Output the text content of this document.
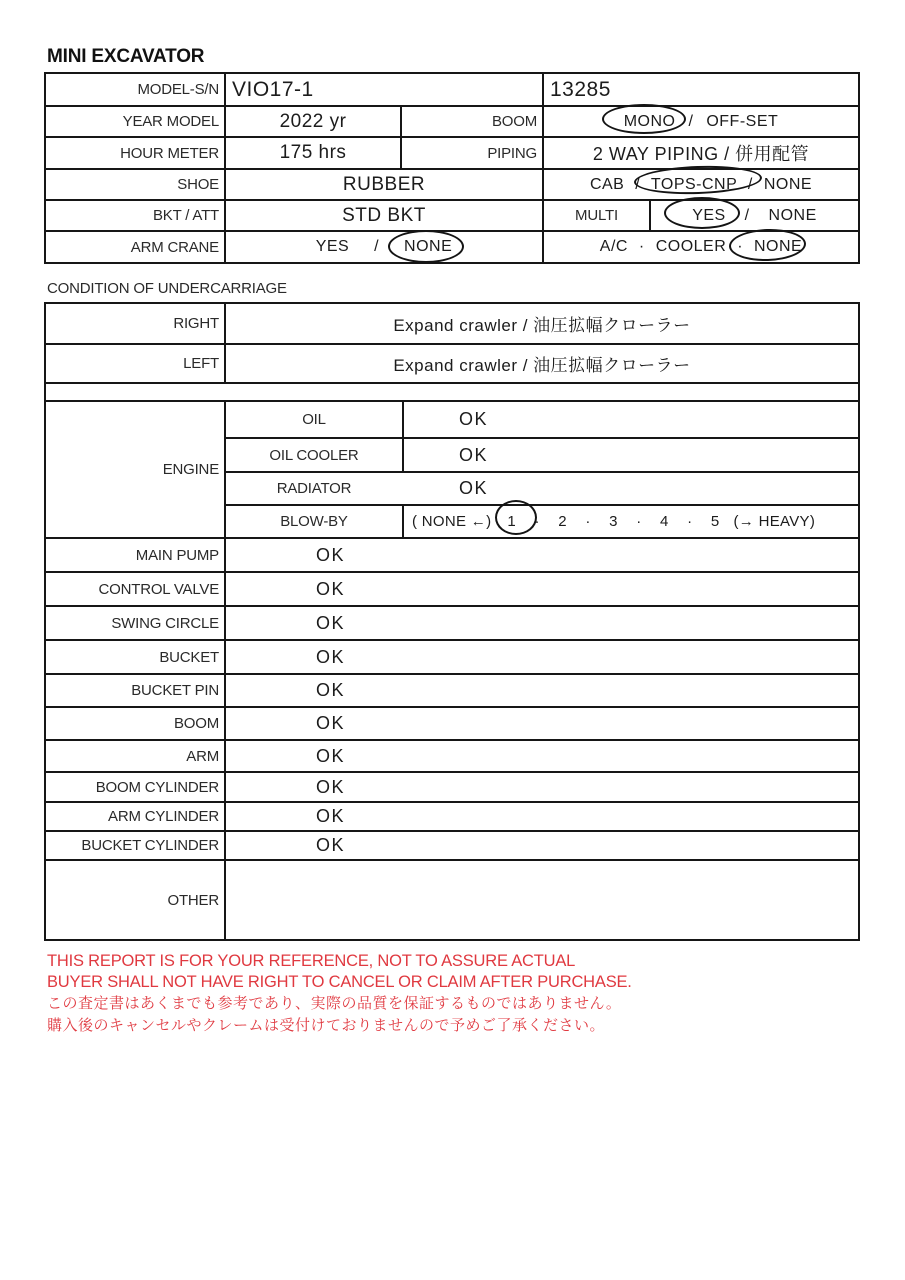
MINI EXCAVATOR
MODEL-S/N VIO17-1	13285
YEAR MODEL	2022 yr	BOOM	MONO / OFF-SET
HOUR METER	175 hrs	PIPING	2 WAY PIPING / 併用配管
SHOE	RUBBER	CAB / TOPS-CNP / NONE
BKT / ATT	STD BKT	MULTI	YES / NONE
ARM CRANE	YES / NONE	A/C · COOLER · NONE
CONDITION OF UNDERCARRIAGE
RIGHT	Expand crawler / 油圧拡幅クローラー
LEFT	Expand crawler / 油圧拡幅クローラー
ENGINE
OIL	OK
OIL COOLER	OK
RADIATOR	OK
BLOW-BY	( NONE ←) 1 · 2 · 3 · 4 · 5 (→ HEAVY)
MAIN PUMP	OK
CONTROL VALVE	OK
SWING CIRCLE	OK
BUCKET	OK
BUCKET PIN	OK
BOOM	OK
ARM	OK
BOOM CYLINDER	OK
ARM CYLINDER	OK
BUCKET CYLINDER	OK
OTHER
THIS REPORT IS FOR YOUR REFERENCE, NOT TO ASSURE ACTUAL
BUYER SHALL NOT HAVE RIGHT TO CANCEL OR CLAIM AFTER PURCHASE.
この査定書はあくまでも参考であり、実際の品質を保証するものではありません。
購入後のキャンセルやクレームは受付けておりませんので予めご了承ください。
